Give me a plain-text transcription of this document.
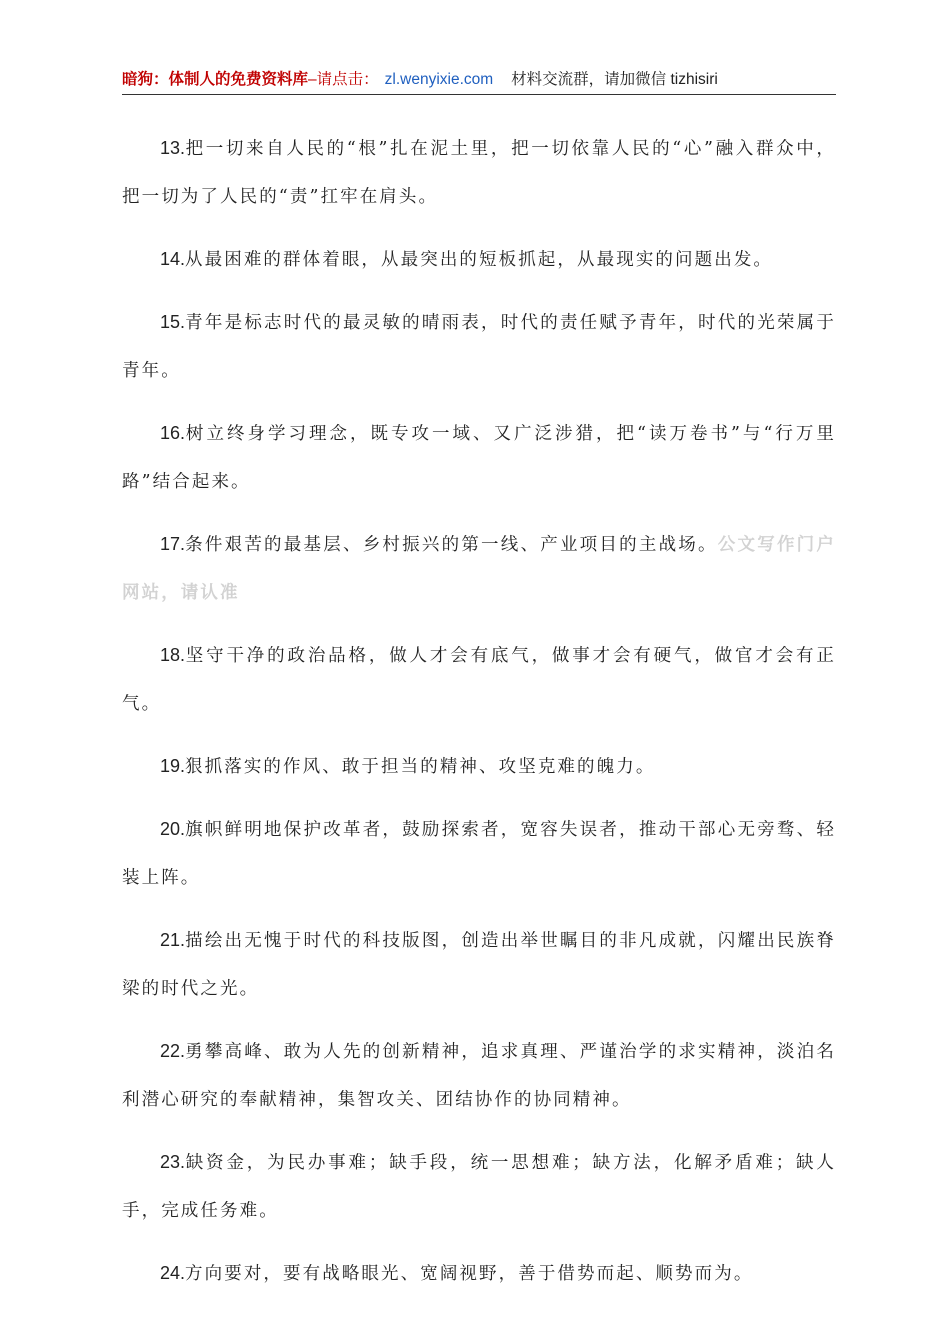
暗狗：体制人的免费资料库–请点击： zl.wenyixie.com 材料交流群，请加微信 tizhisiri

13.把一切来自人民的“根”扎在泥土里，把一切依靠人民的“心”融入群众中，把一切为了人民的“责”扛牢在肩头。

14.从最困难的群体着眼，从最突出的短板抓起，从最现实的问题出发。

15.青年是标志时代的最灵敏的晴雨表，时代的责任赋予青年，时代的光荣属于青年。

16.树立终身学习理念，既专攻一域、又广泛涉猎，把“读万卷书”与“行万里路”结合起来。

17.条件艰苦的最基层、乡村振兴的第一线、产业项目的主战场。公文写作门户网站，请认准

18.坚守干净的政治品格，做人才会有底气，做事才会有硬气，做官才会有正气。

19.狠抓落实的作风、敢于担当的精神、攻坚克难的魄力。

20.旗帜鲜明地保护改革者，鼓励探索者，宽容失误者，推动干部心无旁骛、轻装上阵。

21.描绘出无愧于时代的科技版图，创造出举世瞩目的非凡成就，闪耀出民族脊梁的时代之光。

22.勇攀高峰、敢为人先的创新精神，追求真理、严谨治学的求实精神，淡泊名利潜心研究的奉献精神，集智攻关、团结协作的协同精神。

23.缺资金，为民办事难；缺手段，统一思想难；缺方法，化解矛盾难；缺人手，完成任务难。

24.方向要对，要有战略眼光、宽阔视野，善于借势而起、顺势而为。
